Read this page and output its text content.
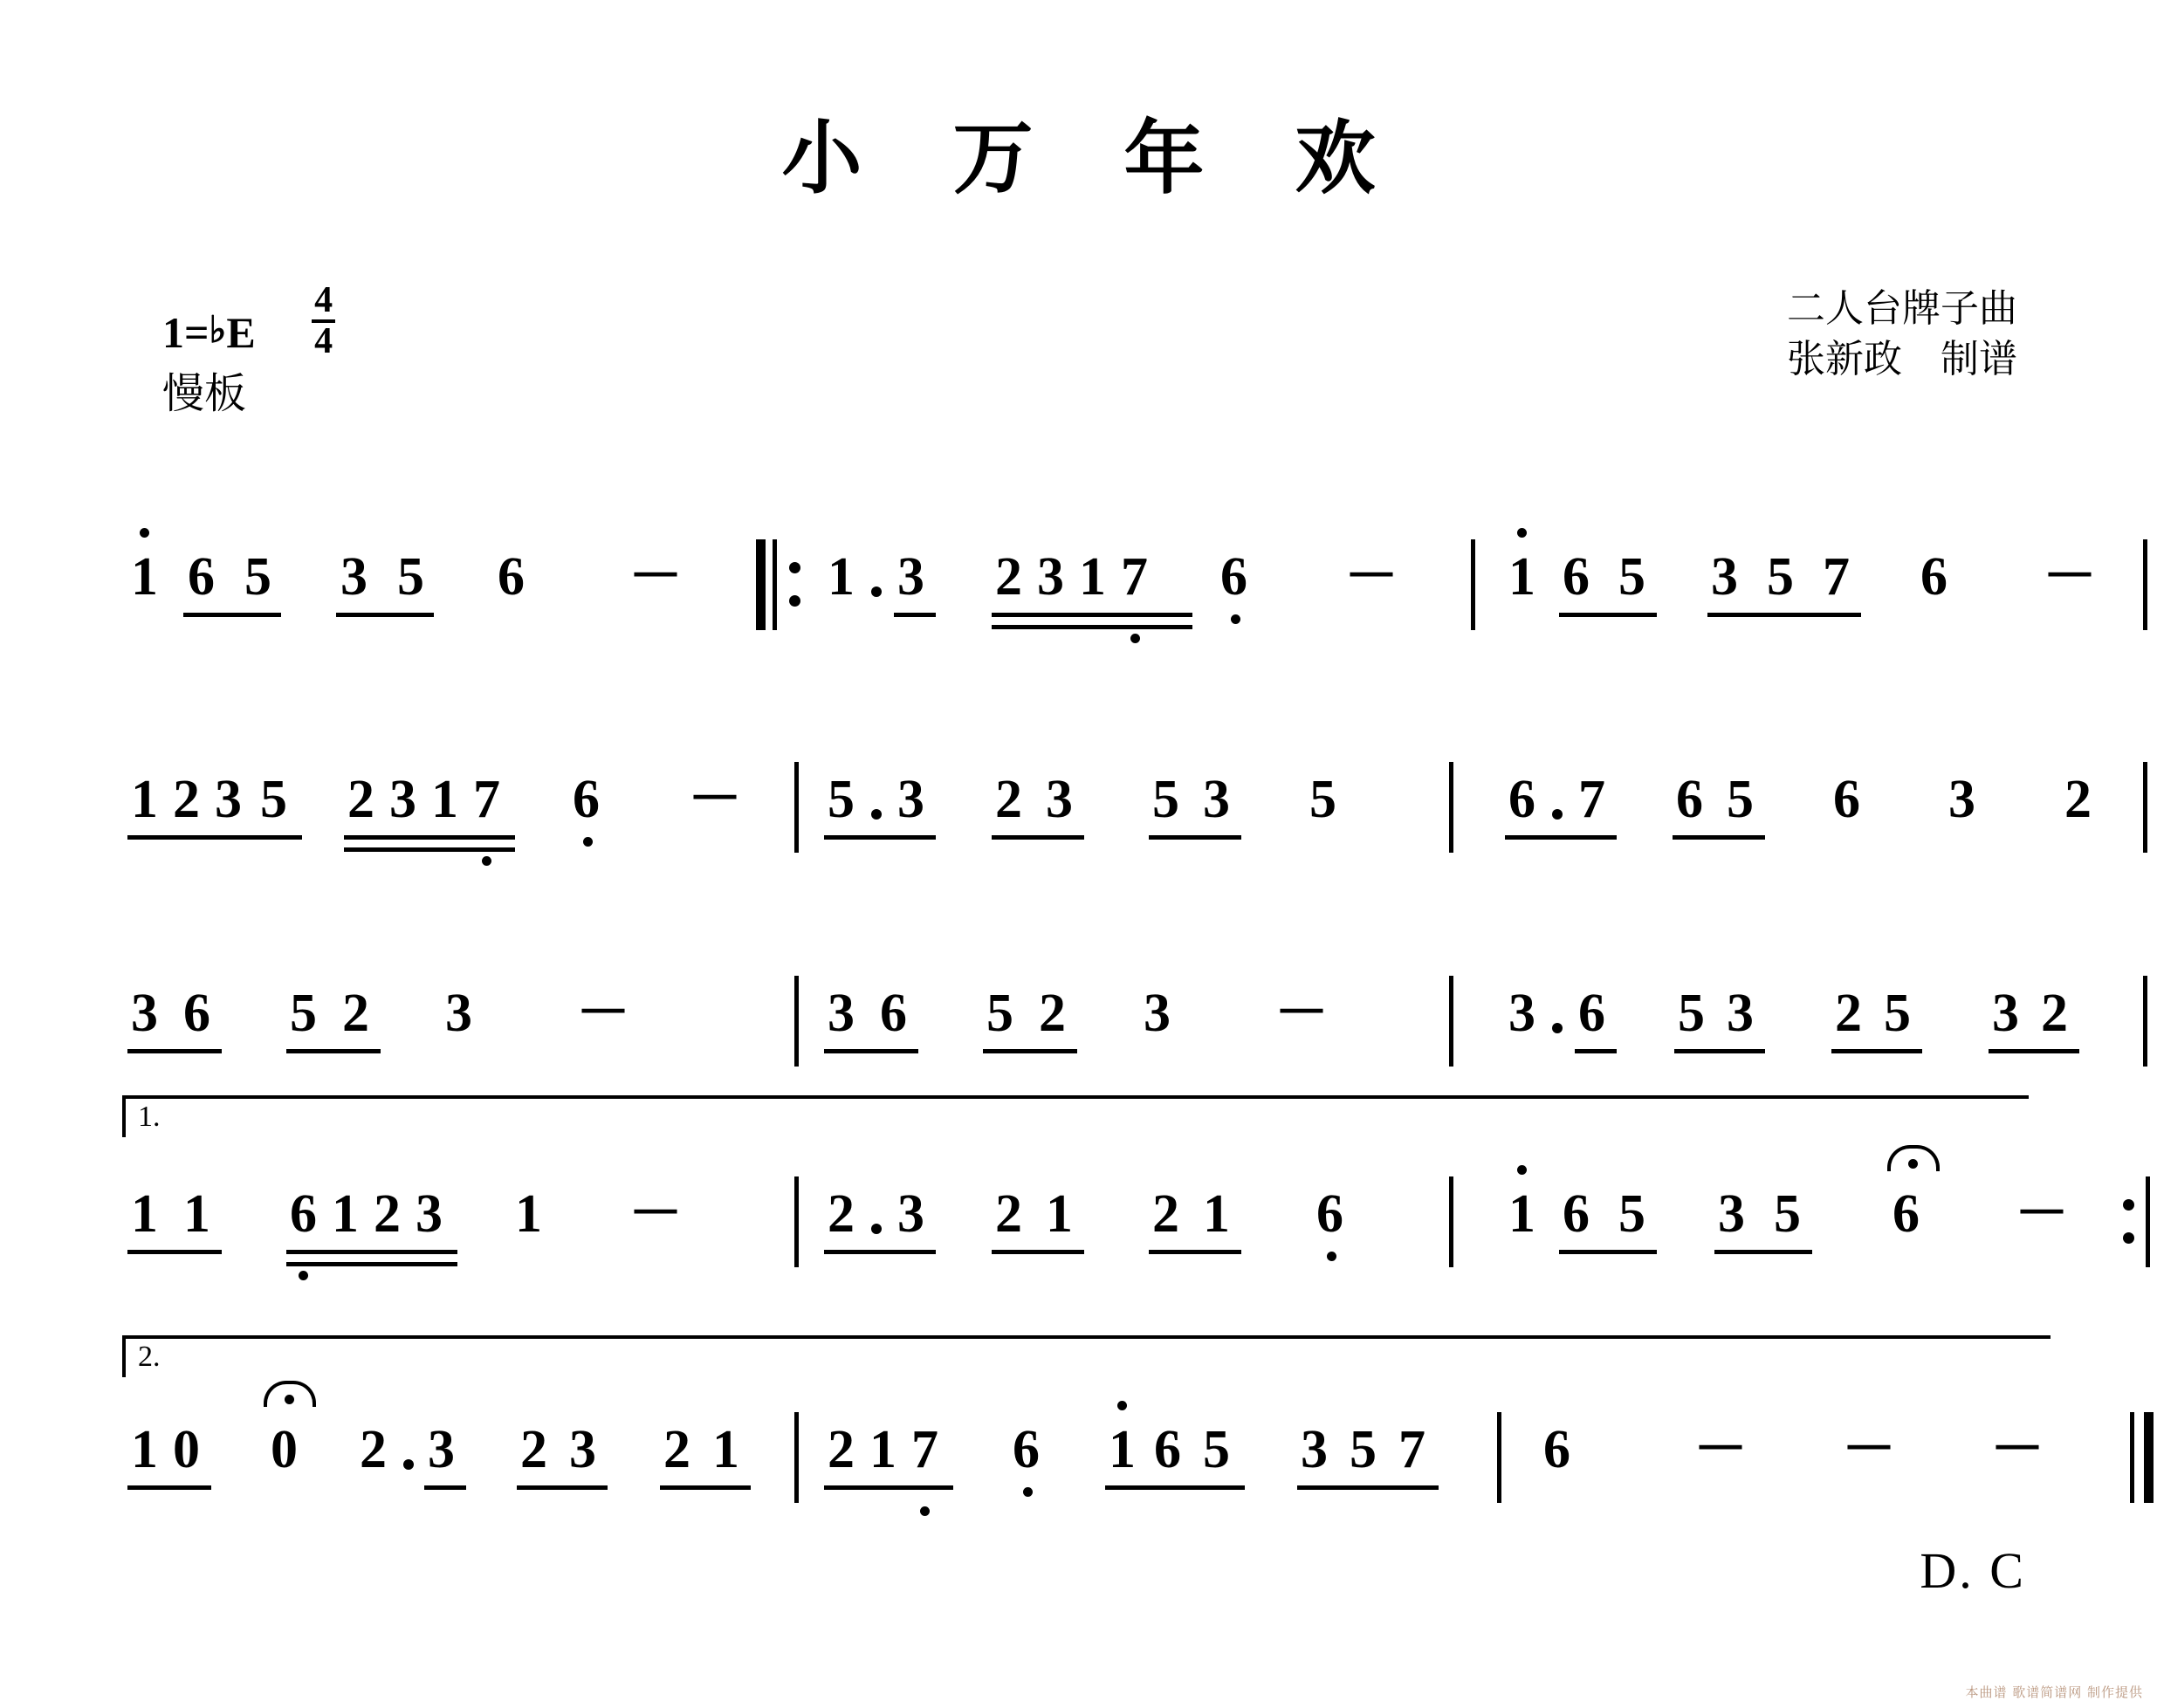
小 万 年 欢
1=♭E $\frac{4}{4}$
慢板
二人台牌子曲
张新政　制谱
1 6 5 3 5 6 －	1 3 2 3 1 7 6 － 1 6 5 3 5 7 6 －
1 2 3 5 2 3 1 7 6 － 5 3 2 3 5 3 5	6 7 6 5 6 3 2
3 6 5 2 3 －	3 6 5 2 3 －	3 6 5 3 2 5 3 2
1.
1 1 6 1 2 3 1 －	2 3 2 1 2 1 6	1 6 5 3 5 6 －
2.
1 0 0 2 3 2 3 2 1 2 1 7 6 1 6 5 3 5 7 6 － － －
D. C
本曲谱 歌谱简谱网 制作提供
